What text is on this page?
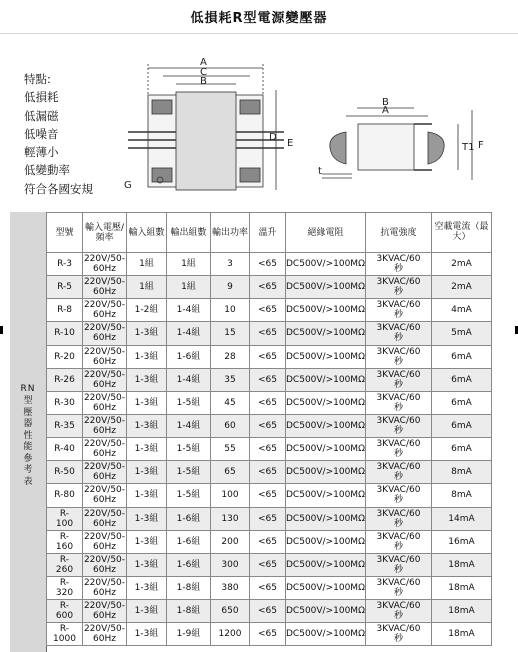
低損耗R型電源變壓器
特點:
低損耗
低漏磁
低噪音
輕薄小
低變動率
符合各國安規
A
C
B
D
E
G
B
A
T1 F
t
RN
型壓器性能參考表
型號	輸入電壓/頻率	輸入組數	輸出組數	輸出功率	溫升	絕緣電阻	抗電強度	空載電流（最大）
R-3	220V/50-
60Hz	1組	1組	3	<65	DC500V/>100MΩ	3KVAC/60
秒	2mA
R-5	220V/50-
60Hz	1組	1組	9	<65	DC500V/>100MΩ	3KVAC/60
秒	2mA
R-8	220V/50-
60Hz	1-2組	1-4組	10	<65	DC500V/>100MΩ	3KVAC/60
秒	4mA
R-10	220V/50-
60Hz	1-3組	1-4組	15	<65	DC500V/>100MΩ	3KVAC/60
秒	5mA
R-20	220V/50-
60Hz	1-3組	1-6組	28	<65	DC500V/>100MΩ	3KVAC/60
秒	6mA
R-26	220V/50-
60Hz	1-3組	1-4組	35	<65	DC500V/>100MΩ	3KVAC/60
秒	6mA
R-30	220V/50-
60Hz	1-3組	1-5組	45	<65	DC500V/>100MΩ	3KVAC/60
秒	6mA
R-35	220V/50-
60Hz	1-3組	1-4組	60	<65	DC500V/>100MΩ	3KVAC/60
秒	6mA
R-40	220V/50-
60Hz	1-3組	1-5組	55	<65	DC500V/>100MΩ	3KVAC/60
秒	6mA
R-50	220V/50-
60Hz	1-3組	1-5組	65	<65	DC500V/>100MΩ	3KVAC/60
秒	8mA
R-80	220V/50-
60Hz	1-3組	1-5組	100	<65	DC500V/>100MΩ	3KVAC/60
秒	8mA
R-
100	220V/50-
60Hz	1-3組	1-6組	130	<65	DC500V/>100MΩ	3KVAC/60
秒	14mA
R-
160	220V/50-
60Hz	1-3組	1-6組	200	<65	DC500V/>100MΩ	3KVAC/60
秒	16mA
R-
260	220V/50-
60Hz	1-3組	1-6組	300	<65	DC500V/>100MΩ	3KVAC/60
秒	18mA
R-
320	220V/50-
60Hz	1-3組	1-8組	380	<65	DC500V/>100MΩ	3KVAC/60
秒	18mA
R-
600	220V/50-
60Hz	1-3組	1-8組	650	<65	DC500V/>100MΩ	3KVAC/60
秒	18mA
R-
1000	220V/50-
60Hz	1-3組	1-9組	1200	<65	DC500V/>100MΩ	3KVAC/60
秒	18mA
